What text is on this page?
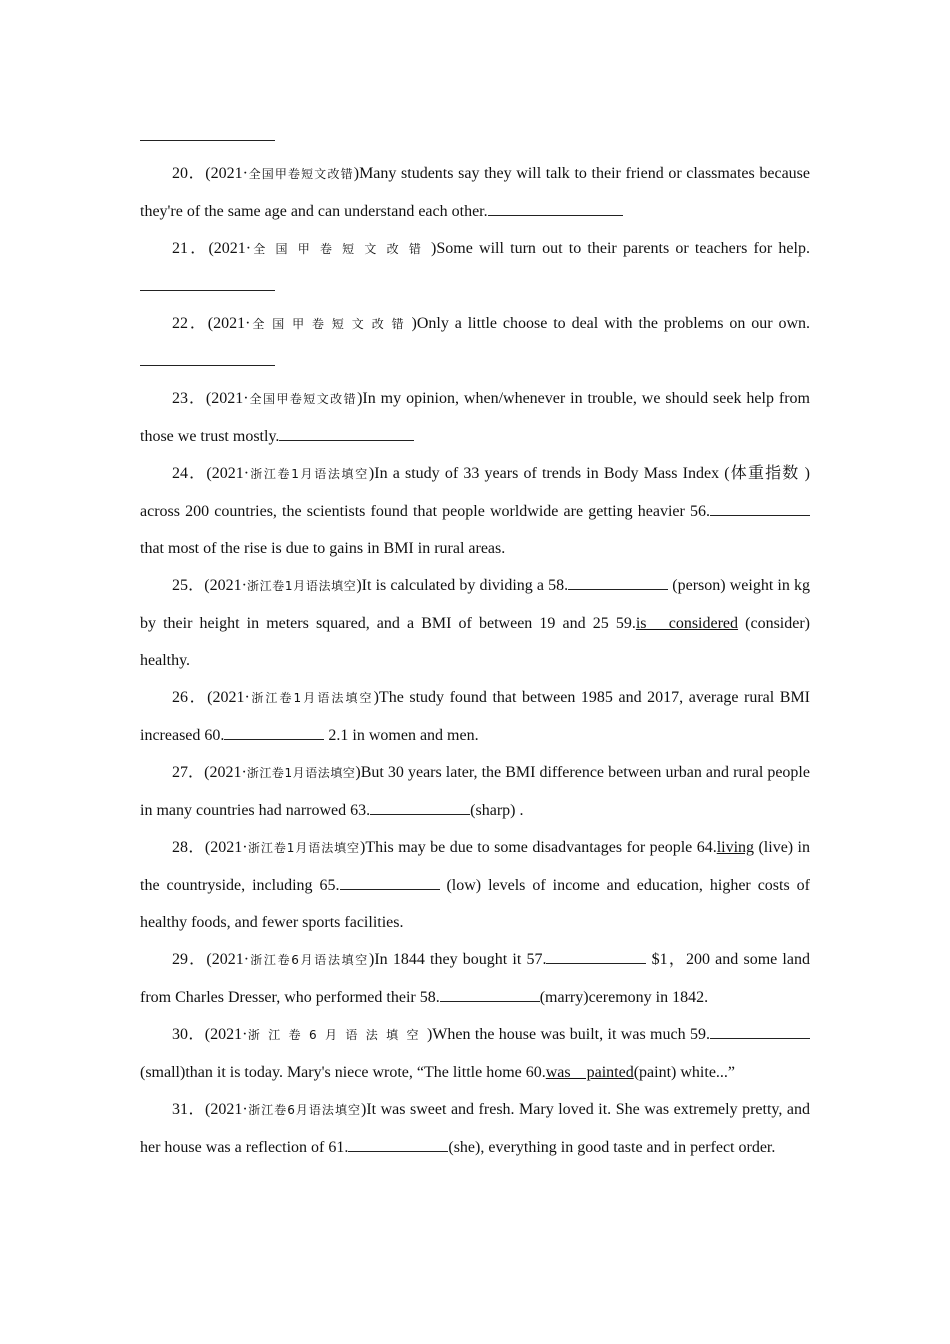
20．(2021·全国甲卷短文改错)Many students say they will talk to their friend or classmates because they're of the same age and can understand each other.

21．(2021·全国甲卷短文改错)Some will turn out to their parents or teachers for help.

22．(2021·全国甲卷短文改错)Only a little choose to deal with the problems on our own.

23．(2021·全国甲卷短文改错)In my opinion, when/whenever in trouble, we should seek help from those we trust mostly.

24．(2021·浙江卷1月语法填空)In a study of 33 years of trends in Body Mass Index (体重指数 ) across 200 countries, the scientists found that people worldwide are getting heavier 56. that most of the rise is due to gains in BMI in rural areas.

25．(2021·浙江卷1月语法填空)It is calculated by dividing a 58.	(person) weight in kg by their height in meters squared, and a BMI of between 19 and 25 59.is　considered (consider) healthy.

26．(2021·浙江卷1月语法填空)The study found that between 1985 and 2017, average rural BMI increased 60.	2.1 in women and men.

27．(2021·浙江卷1月语法填空)But 30 years later, the BMI difference between urban and rural people in many countries had narrowed 63.	(sharp) .

28．(2021·浙江卷1月语法填空)This may be due to some disadvantages for people 64.living (live) in the countryside, including 65.	(low) levels of income and education, higher costs of healthy foods, and fewer sports facilities.

29．(2021·浙江卷6月语法填空)In 1844 they bought it 57.	$1，200 and some land from Charles Dresser, who performed their 58.	(marry)ceremony in 1842.

30．(2021·浙江卷6月语法填空)When the house was built, it was much 59.(small)than it is today. Mary's niece wrote, “The little home 60.was　painted(paint) white...”

31．(2021·浙江卷6月语法填空)It was sweet and fresh. Mary loved it. She was extremely pretty, and her house was a reflection of 61.	(she), everything in good taste and in perfect order.
